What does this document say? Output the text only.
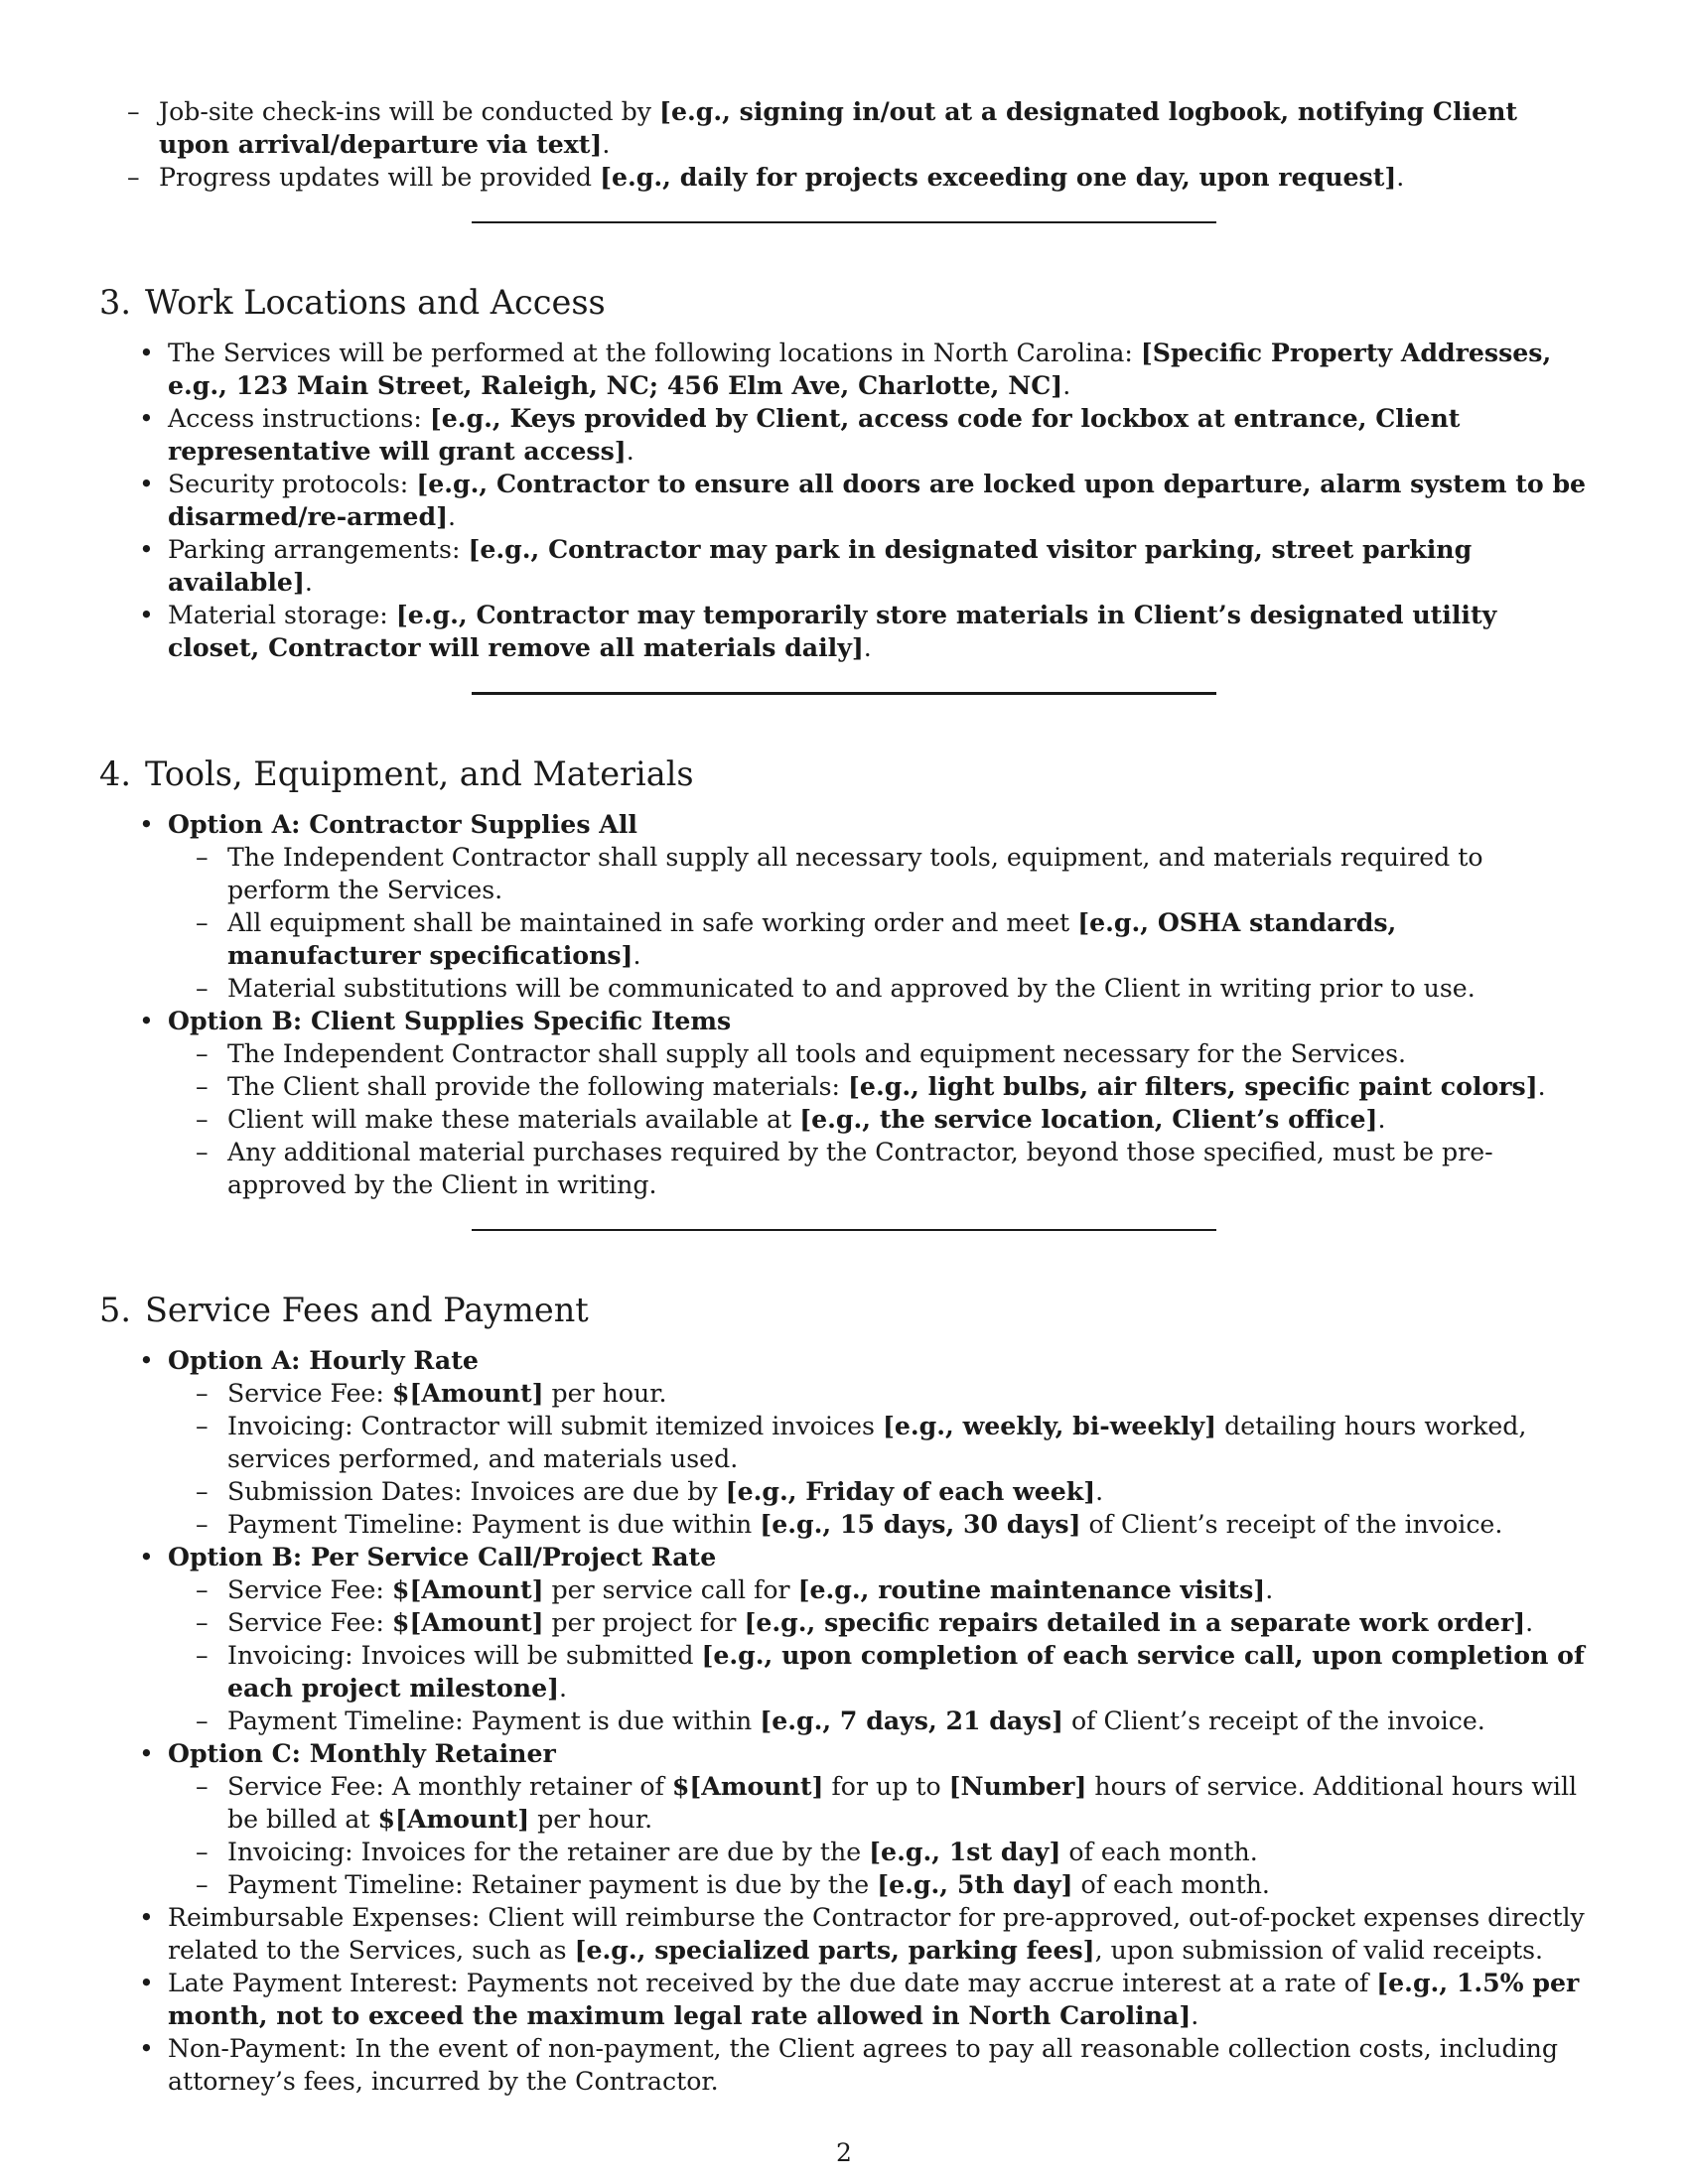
– Job-site check-ins will be conducted by [e.g., signing in/out at a designated logbook, notifying Client upon arrival/departure via text].
– Progress updates will be provided [e.g., daily for projects exceeding one day, upon request].
3. Work Locations and Access
• The Services will be performed at the following locations in North Carolina: [Specific Property Addresses, e.g., 123 Main Street, Raleigh, NC; 456 Elm Ave, Charlotte, NC].
• Access instructions: [e.g., Keys provided by Client, access code for lockbox at entrance, Client representative will grant access].
• Security protocols: [e.g., Contractor to ensure all doors are locked upon departure, alarm system to be disarmed/re-armed].
• Parking arrangements: [e.g., Contractor may park in designated visitor parking, street parking available].
• Material storage: [e.g., Contractor may temporarily store materials in Client’s designated utility closet, Contractor will remove all materials daily].
4. Tools, Equipment, and Materials
• Option A: Contractor Supplies All
– The Independent Contractor shall supply all necessary tools, equipment, and materials required to perform the Services.
– All equipment shall be maintained in safe working order and meet [e.g., OSHA standards, manufacturer specifications].
– Material substitutions will be communicated to and approved by the Client in writing prior to use.
• Option B: Client Supplies Specific Items
– The Independent Contractor shall supply all tools and equipment necessary for the Services.
– The Client shall provide the following materials: [e.g., light bulbs, air filters, specific paint colors].
– Client will make these materials available at [e.g., the service location, Client’s office].
– Any additional material purchases required by the Contractor, beyond those specified, must be pre-approved by the Client in writing.
5. Service Fees and Payment
• Option A: Hourly Rate
– Service Fee: $[Amount] per hour.
– Invoicing: Contractor will submit itemized invoices [e.g., weekly, bi-weekly] detailing hours worked, services performed, and materials used.
– Submission Dates: Invoices are due by [e.g., Friday of each week].
– Payment Timeline: Payment is due within [e.g., 15 days, 30 days] of Client’s receipt of the invoice.
• Option B: Per Service Call/Project Rate
– Service Fee: $[Amount] per service call for [e.g., routine maintenance visits].
– Service Fee: $[Amount] per project for [e.g., specific repairs detailed in a separate work order].
– Invoicing: Invoices will be submitted [e.g., upon completion of each service call, upon completion of each project milestone].
– Payment Timeline: Payment is due within [e.g., 7 days, 21 days] of Client’s receipt of the invoice.
• Option C: Monthly Retainer
– Service Fee: A monthly retainer of $[Amount] for up to [Number] hours of service. Additional hours will be billed at $[Amount] per hour.
– Invoicing: Invoices for the retainer are due by the [e.g., 1st day] of each month.
– Payment Timeline: Retainer payment is due by the [e.g., 5th day] of each month.
• Reimbursable Expenses: Client will reimburse the Contractor for pre-approved, out-of-pocket expenses directly related to the Services, such as [e.g., specialized parts, parking fees], upon submission of valid receipts.
• Late Payment Interest: Payments not received by the due date may accrue interest at a rate of [e.g., 1.5% per month, not to exceed the maximum legal rate allowed in North Carolina].
• Non-Payment: In the event of non-payment, the Client agrees to pay all reasonable collection costs, including attorney’s fees, incurred by the Contractor.
2
